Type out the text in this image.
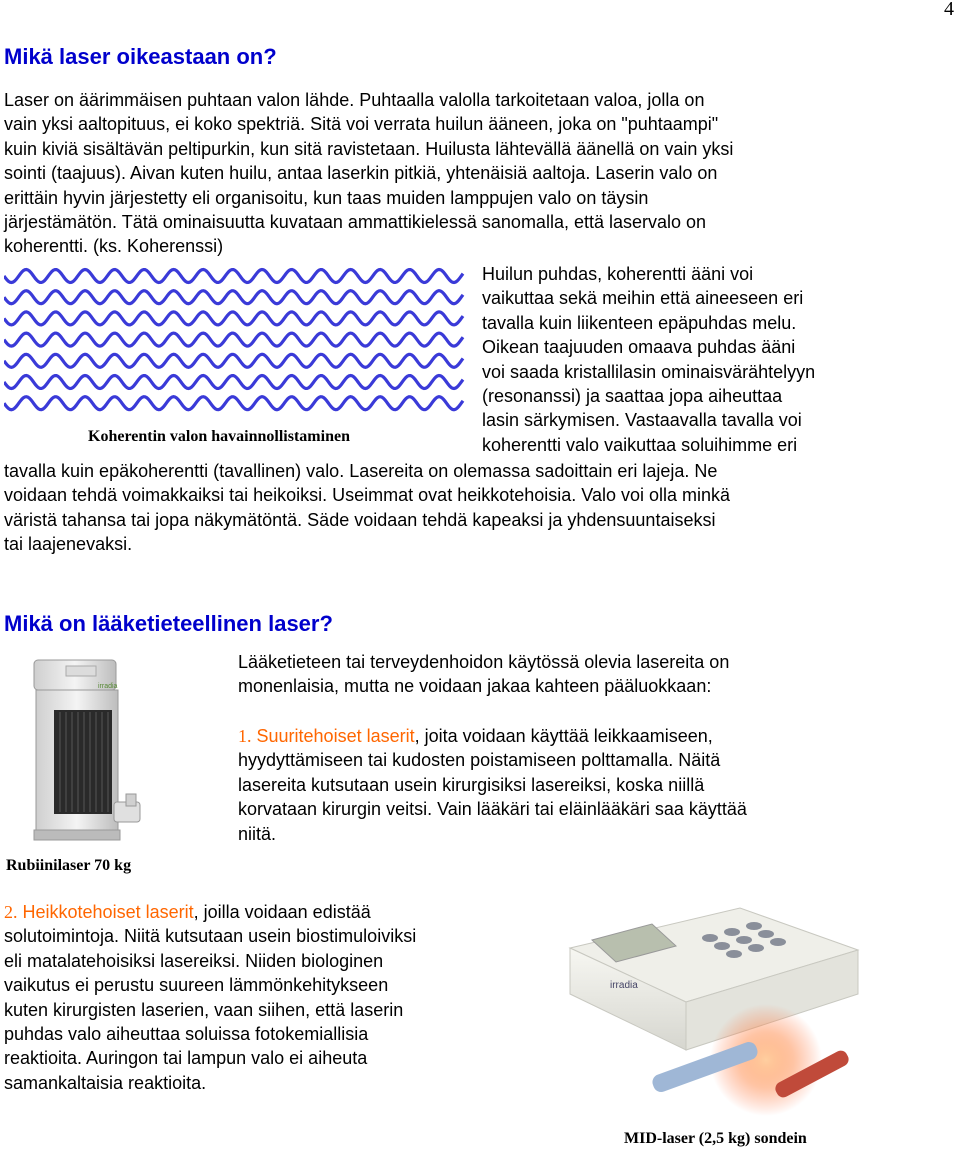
4
Mikä laser oikeastaan on?
Laser on äärimmäisen puhtaan valon lähde. Puhtaalla valolla tarkoitetaan valoa, jolla on
vain yksi aaltopituus, ei koko spektriä. Sitä voi verrata huilun ääneen, joka on "puhtaampi"
kuin kiviä sisältävän peltipurkin, kun sitä ravistetaan. Huilusta lähtevällä äänellä on vain yksi
sointi (taajuus). Aivan kuten huilu, antaa laserkin pitkiä, yhtenäisiä aaltoja. Laserin valo on
erittäin hyvin järjestetty eli organisoitu, kun taas muiden lamppujen valo on täysin
järjestämätön. Tätä ominaisuutta kuvataan ammattikielessä sanomalla, että laservalo on
koherentti. (ks. Koherenssi)
Koherentin valon havainnollistaminen
Huilun puhdas, koherentti ääni voi
vaikuttaa sekä meihin että aineeseen eri
tavalla kuin liikenteen epäpuhdas melu.
Oikean taajuuden omaava puhdas ääni
voi saada kristallilasin ominaisvärähtelyyn
(resonanssi) ja saattaa jopa aiheuttaa
lasin särkymisen. Vastaavalla tavalla voi
koherentti valo vaikuttaa soluihimme eri
tavalla kuin epäkoherentti (tavallinen) valo. Lasereita on olemassa sadoittain eri lajeja. Ne
voidaan tehdä voimakkaiksi tai heikoiksi. Useimmat ovat heikkotehoisia. Valo voi olla minkä
väristä tahansa tai jopa näkymätöntä. Säde voidaan tehdä kapeaksi ja yhdensuuntaiseksi
tai laajenevaksi.
Mikä on lääketieteellinen laser?
irradia
Rubiinilaser 70 kg
Lääketieteen tai terveydenhoidon käytössä olevia lasereita on
monenlaisia, mutta ne voidaan jakaa kahteen pääluokkaan:
1. Suuritehoiset laserit, joita voidaan käyttää leikkaamiseen,
hyydyttämiseen tai kudosten poistamiseen polttamalla. Näitä
lasereita kutsutaan usein kirurgisiksi lasereiksi, koska niillä
korvataan kirurgin veitsi. Vain lääkäri tai eläinlääkäri saa käyttää
niitä.
2. Heikkotehoiset laserit, joilla voidaan edistää
solutoimintoja. Niitä kutsutaan usein biostimuloiviksi
eli matalatehoisiksi lasereiksi. Niiden biologinen
vaikutus ei perustu suureen lämmönkehitykseen
kuten kirurgisten laserien, vaan siihen, että laserin
puhdas valo aiheuttaa soluissa fotokemiallisia
reaktioita. Auringon tai lampun valo ei aiheuta
samankaltaisia reaktioita.
irradia
MID-laser (2,5 kg) sondein
